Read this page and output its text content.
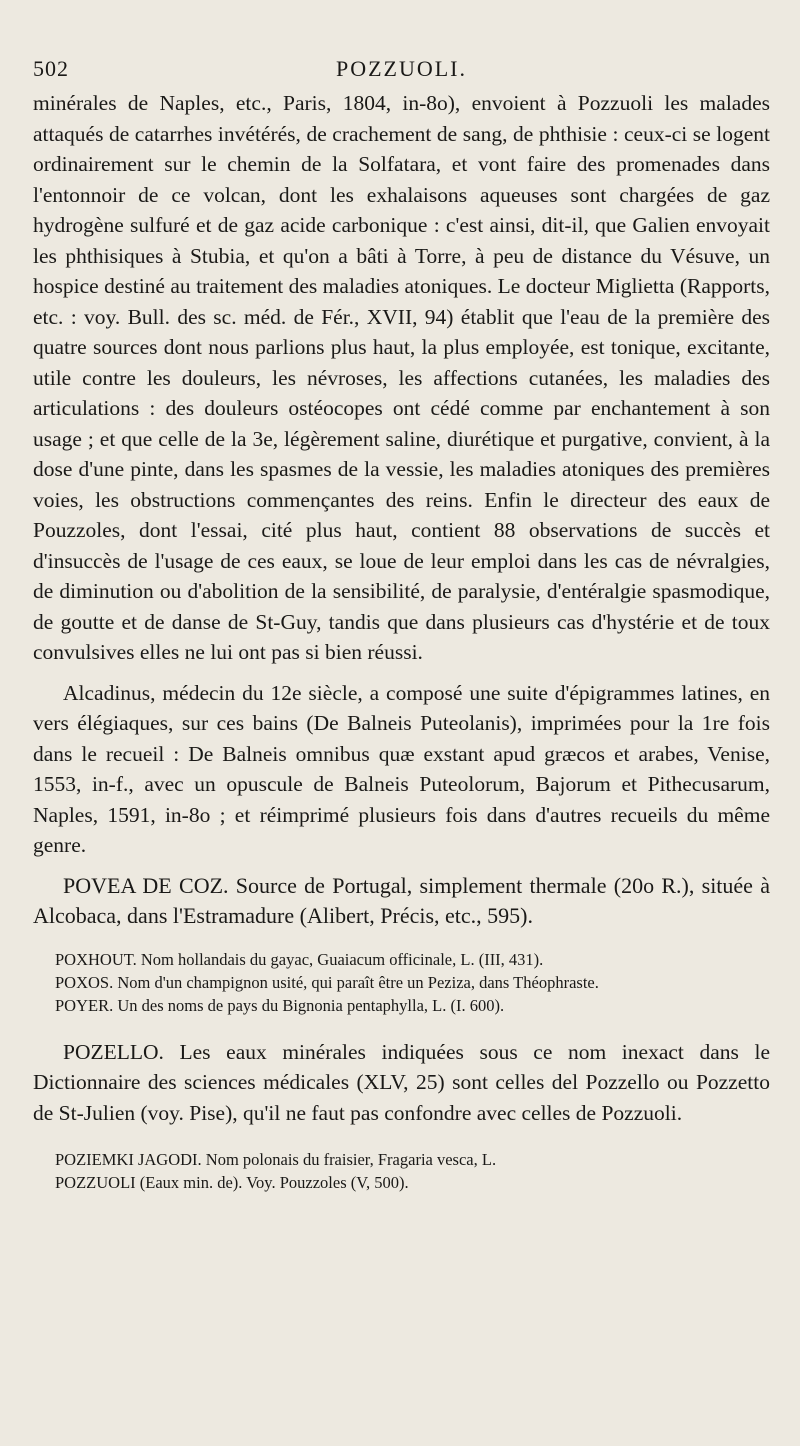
502	POZZUOLI.

minérales de Naples, etc., Paris, 1804, in-8o), envoient à Pozzuoli les malades attaqués de catarrhes invétérés, de crachement de sang, de phthisie : ceux-ci se logent ordinairement sur le chemin de la Solfatara, et vont faire des promenades dans l'entonnoir de ce volcan, dont les exhalaisons aqueuses sont chargées de gaz hydrogène sulfuré et de gaz acide carbonique : c'est ainsi, dit-il, que Galien envoyait les phthisiques à Stubia, et qu'on a bâti à Torre, à peu de distance du Vésuve, un hospice destiné au traitement des maladies atoniques. Le docteur Miglietta (Rapports, etc. : voy. Bull. des sc. méd. de Fér., XVII, 94) établit que l'eau de la première des quatre sources dont nous parlions plus haut, la plus employée, est tonique, excitante, utile contre les douleurs, les névroses, les affections cutanées, les maladies des articulations : des douleurs ostéocopes ont cédé comme par enchantement à son usage ; et que celle de la 3e, légèrement saline, diurétique et purgative, convient, à la dose d'une pinte, dans les spasmes de la vessie, les maladies atoniques des premières voies, les obstructions commençantes des reins. Enfin le directeur des eaux de Pouzzoles, dont l'essai, cité plus haut, contient 88 observations de succès et d'insuccès de l'usage de ces eaux, se loue de leur emploi dans les cas de névralgies, de diminution ou d'abolition de la sensibilité, de paralysie, d'entéralgie spasmodique, de goutte et de danse de St-Guy, tandis que dans plusieurs cas d'hystérie et de toux convulsives elles ne lui ont pas si bien réussi.

Alcadinus, médecin du 12e siècle, a composé une suite d'épigrammes latines, en vers élégiaques, sur ces bains (De Balneis Puteolanis), imprimées pour la 1re fois dans le recueil : De Balneis omnibus quæ exstant apud græcos et arabes, Venise, 1553, in-f., avec un opuscule de Balneis Puteolorum, Bajorum et Pithecusarum, Naples, 1591, in-8o ; et réimprimé plusieurs fois dans d'autres recueils du même genre.

POVEA DE COZ. Source de Portugal, simplement thermale (20o R.), située à Alcobaca, dans l'Estramadure (Alibert, Précis, etc., 595).

POXHOUT. Nom hollandais du gayac, Guaiacum officinale, L. (III, 431).

POXOS. Nom d'un champignon usité, qui paraît être un Peziza, dans Théophraste.

POYER. Un des noms de pays du Bignonia pentaphylla, L. (I. 600).

POZELLO. Les eaux minérales indiquées sous ce nom inexact dans le Dictionnaire des sciences médicales (XLV, 25) sont celles del Pozzello ou Pozzetto de St-Julien (voy. Pise), qu'il ne faut pas confondre avec celles de Pozzuoli.

POZIEMKI JAGODI. Nom polonais du fraisier, Fragaria vesca, L.

POZZUOLI (Eaux min. de). Voy. Pouzzoles (V, 500).
